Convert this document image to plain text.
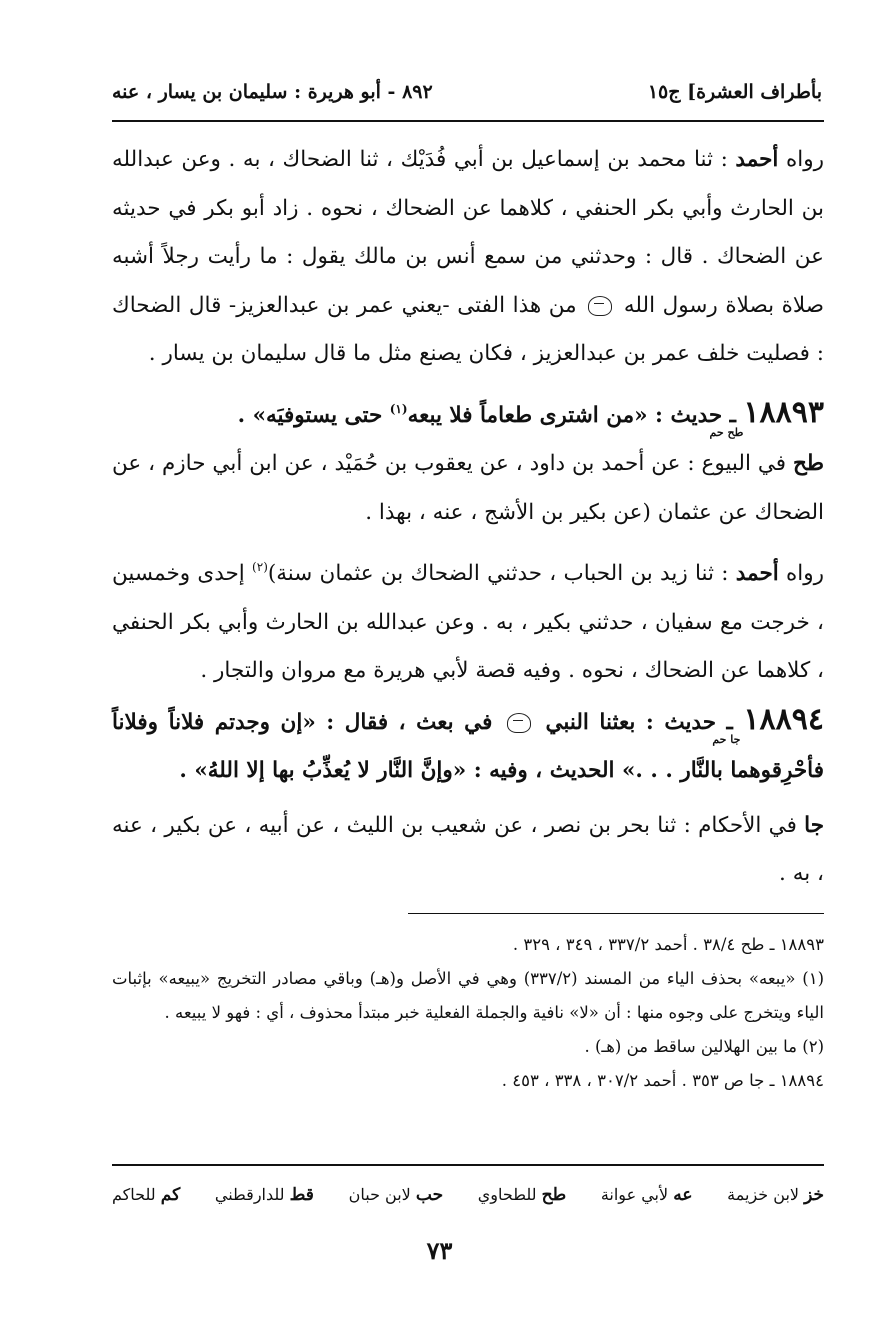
بأطراف العشرة] ج١٥
٨٩٢ - أبو هريرة : سليمان بن يسار ، عنه

رواه أحمد : ثنا محمد بن إسماعيل بن أبي فُدَيْك ، ثنا الضحاك ، به . وعن عبدالله بن الحارث وأبي بكر الحنفي ، كلاهما عن الضحاك ، نحوه . زاد أبو بكر في حديثه عن الضحاك . قال : وحدثني من سمع أنس بن مالك يقول : ما رأيت رجلاً أشبه صلاة بصلاة رسول الله  من هذا الفتى -يعني عمر بن عبدالعزيز- قال الضحاك : فصليت خلف عمر بن عبدالعزيز ، فكان يصنع مثل ما قال سليمان بن يسار .

١٨٨٩٣طح حم ـ حديث : «من اشترى طعاماً فلا يبعه$^{(١)}$ حتى يستوفيَه» .

طح في البيوع : عن أحمد بن داود ، عن يعقوب بن حُمَيْد ، عن ابن أبي حازم ، عن الضحاك عن عثمان (عن بكير بن الأشج ، عنه ، بهذا .

رواه أحمد : ثنا زيد بن الحباب ، حدثني الضحاك بن عثمان سنة)$^{(٢)}$ إحدى وخمسين ، خرجت مع سفيان ، حدثني بكير ، به . وعن عبدالله بن الحارث وأبي بكر الحنفي ، كلاهما عن الضحاك ، نحوه . وفيه قصة لأبي هريرة مع مروان والتجار .

١٨٨٩٤جا حم ـ حديث : بعثنا النبي  في بعث ، فقال : «إن وجدتم فلاناً وفلاناً فأحْرِقوهما بالنَّار . . .» الحديث ، وفيه : «وإنَّ النَّار لا يُعذِّبُ بها إلا اللهُ» .

جا في الأحكام : ثنا بحر بن نصر ، عن شعيب بن الليث ، عن أبيه ، عن بكير ، عنه ، به .

١٨٨٩٣ ـ طح ٣٨/٤ . أحمد ٣٣٧/٢ ، ٣٤٩ ، ٣٢٩ .

(١) «يبعه» بحذف الياء من المسند (٣٣٧/٢) وهي في الأصل و(هـ) وباقي مصادر التخريج «يبيعه» بإثبات الياء ويتخرج على وجوه منها : أن «لا» نافية والجملة الفعلية خبر مبتدأ محذوف ، أي : فهو لا يبيعه .

(٢) ما بين الهلالين ساقط من (هـ) .

١٨٨٩٤ ـ جا ص ٣٥٣ . أحمد ٣٠٧/٢ ، ٣٣٨ ، ٤٥٣ .

خز لابن خزيمة
عه لأبي عوانة
طح للطحاوي
حب لابن حبان
قط للدارقطني
كم للحاكم
٧٣
